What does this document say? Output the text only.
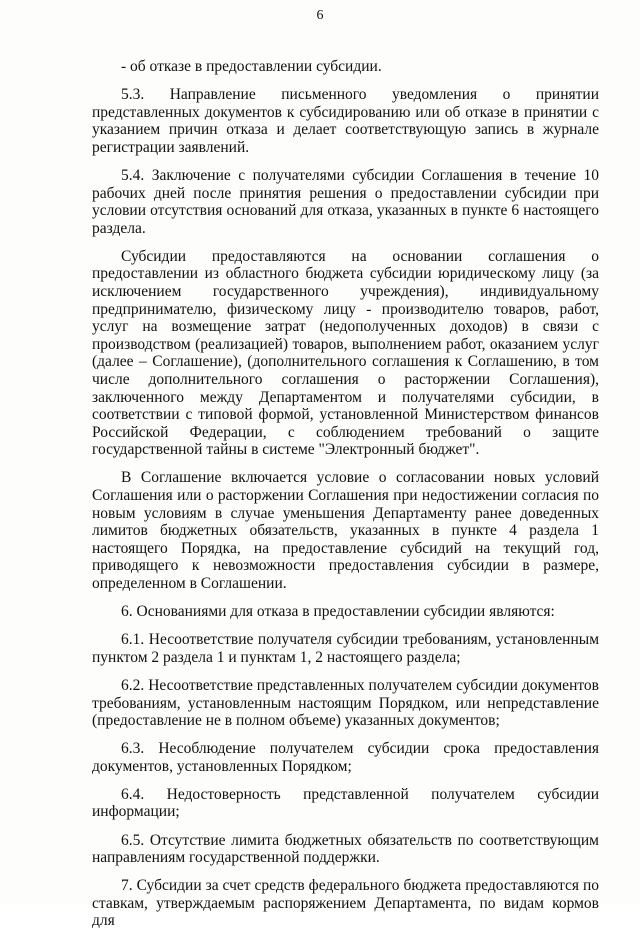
6

- об отказе в предоставлении субсидии.

5.3. Направление письменного уведомления о принятии представленных документов к субсидированию или об отказе в принятии с указанием причин отказа и делает соответствующую запись в журнале регистрации заявлений.

5.4. Заключение с получателями субсидии Соглашения в течение 10 рабочих дней после принятия решения о предоставлении субсидии при условии отсутствия оснований для отказа, указанных в пункте 6 настоящего раздела.

Субсидии предоставляются на основании соглашения о предоставлении из областного бюджета субсидии юридическому лицу (за исключением государственного учреждения), индивидуальному предпринимателю, физическому лицу - производителю товаров, работ, услуг на возмещение затрат (недополученных доходов) в связи с производством (реализацией) товаров, выполнением работ, оказанием услуг (далее – Соглашение), (дополнительного соглашения к Соглашению, в том числе дополнительного соглашения о расторжении Соглашения), заключенного между Департаментом и получателями субсидии, в соответствии с типовой формой, установленной Министерством финансов Российской Федерации, с соблюдением требований о защите государственной тайны в системе "Электронный бюджет".

В Соглашение включается условие о согласовании новых условий Соглашения или о расторжении Соглашения при недостижении согласия по новым условиям в случае уменьшения Департаменту ранее доведенных лимитов бюджетных обязательств, указанных в пункте 4 раздела 1 настоящего Порядка, на предоставление субсидий на текущий год, приводящего к невозможности предоставления субсидии в размере, определенном в Соглашении.

6. Основаниями для отказа в предоставлении субсидии являются:

6.1. Несоответствие получателя субсидии требованиям, установленным пунктом 2 раздела 1 и пунктам 1, 2 настоящего раздела;

6.2. Несоответствие представленных получателем субсидии документов требованиям, установленным настоящим Порядком, или непредставление (предоставление не в полном объеме) указанных документов;

6.3. Несоблюдение получателем субсидии срока предоставления документов, установленных Порядком;

6.4. Недостоверность представленной получателем субсидии информации;

6.5. Отсутствие лимита бюджетных обязательств по соответствующим направлениям государственной поддержки.

7. Субсидии за счет средств федерального бюджета предоставляются по ставкам, утверждаемым распоряжением Департамента, по видам кормов для
